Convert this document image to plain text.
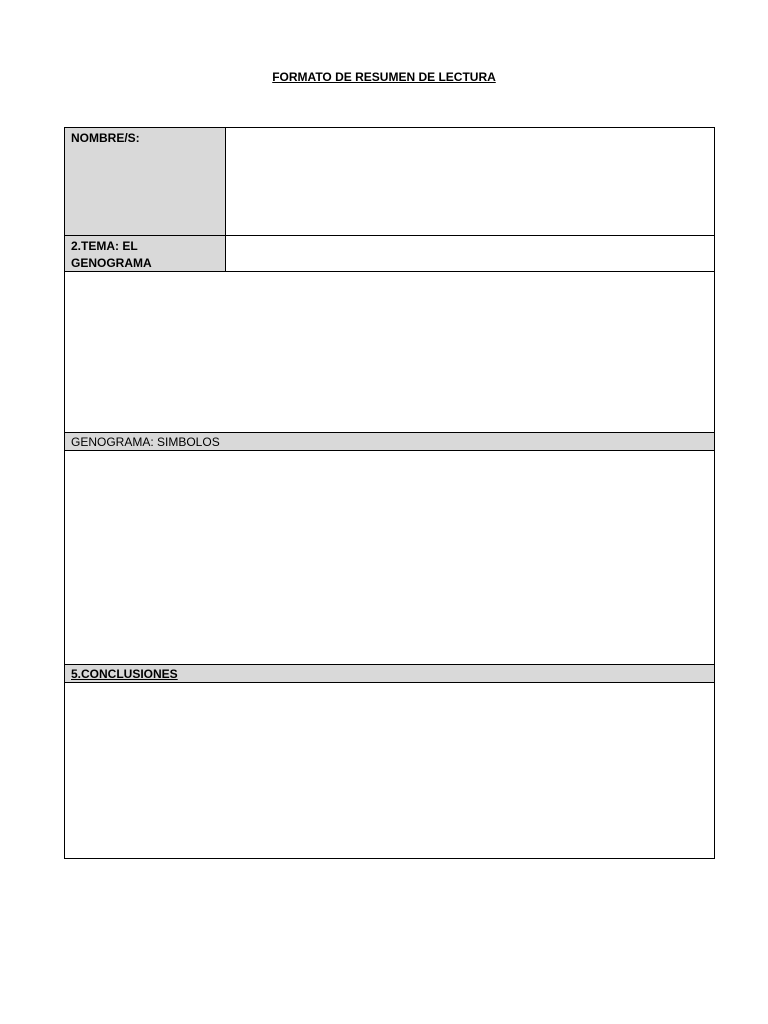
FORMATO DE RESUMEN DE LECTURA
NOMBRE/S:
2.TEMA: EL GENOGRAMA
GENOGRAMA: SIMBOLOS
5.CONCLUSIONES
